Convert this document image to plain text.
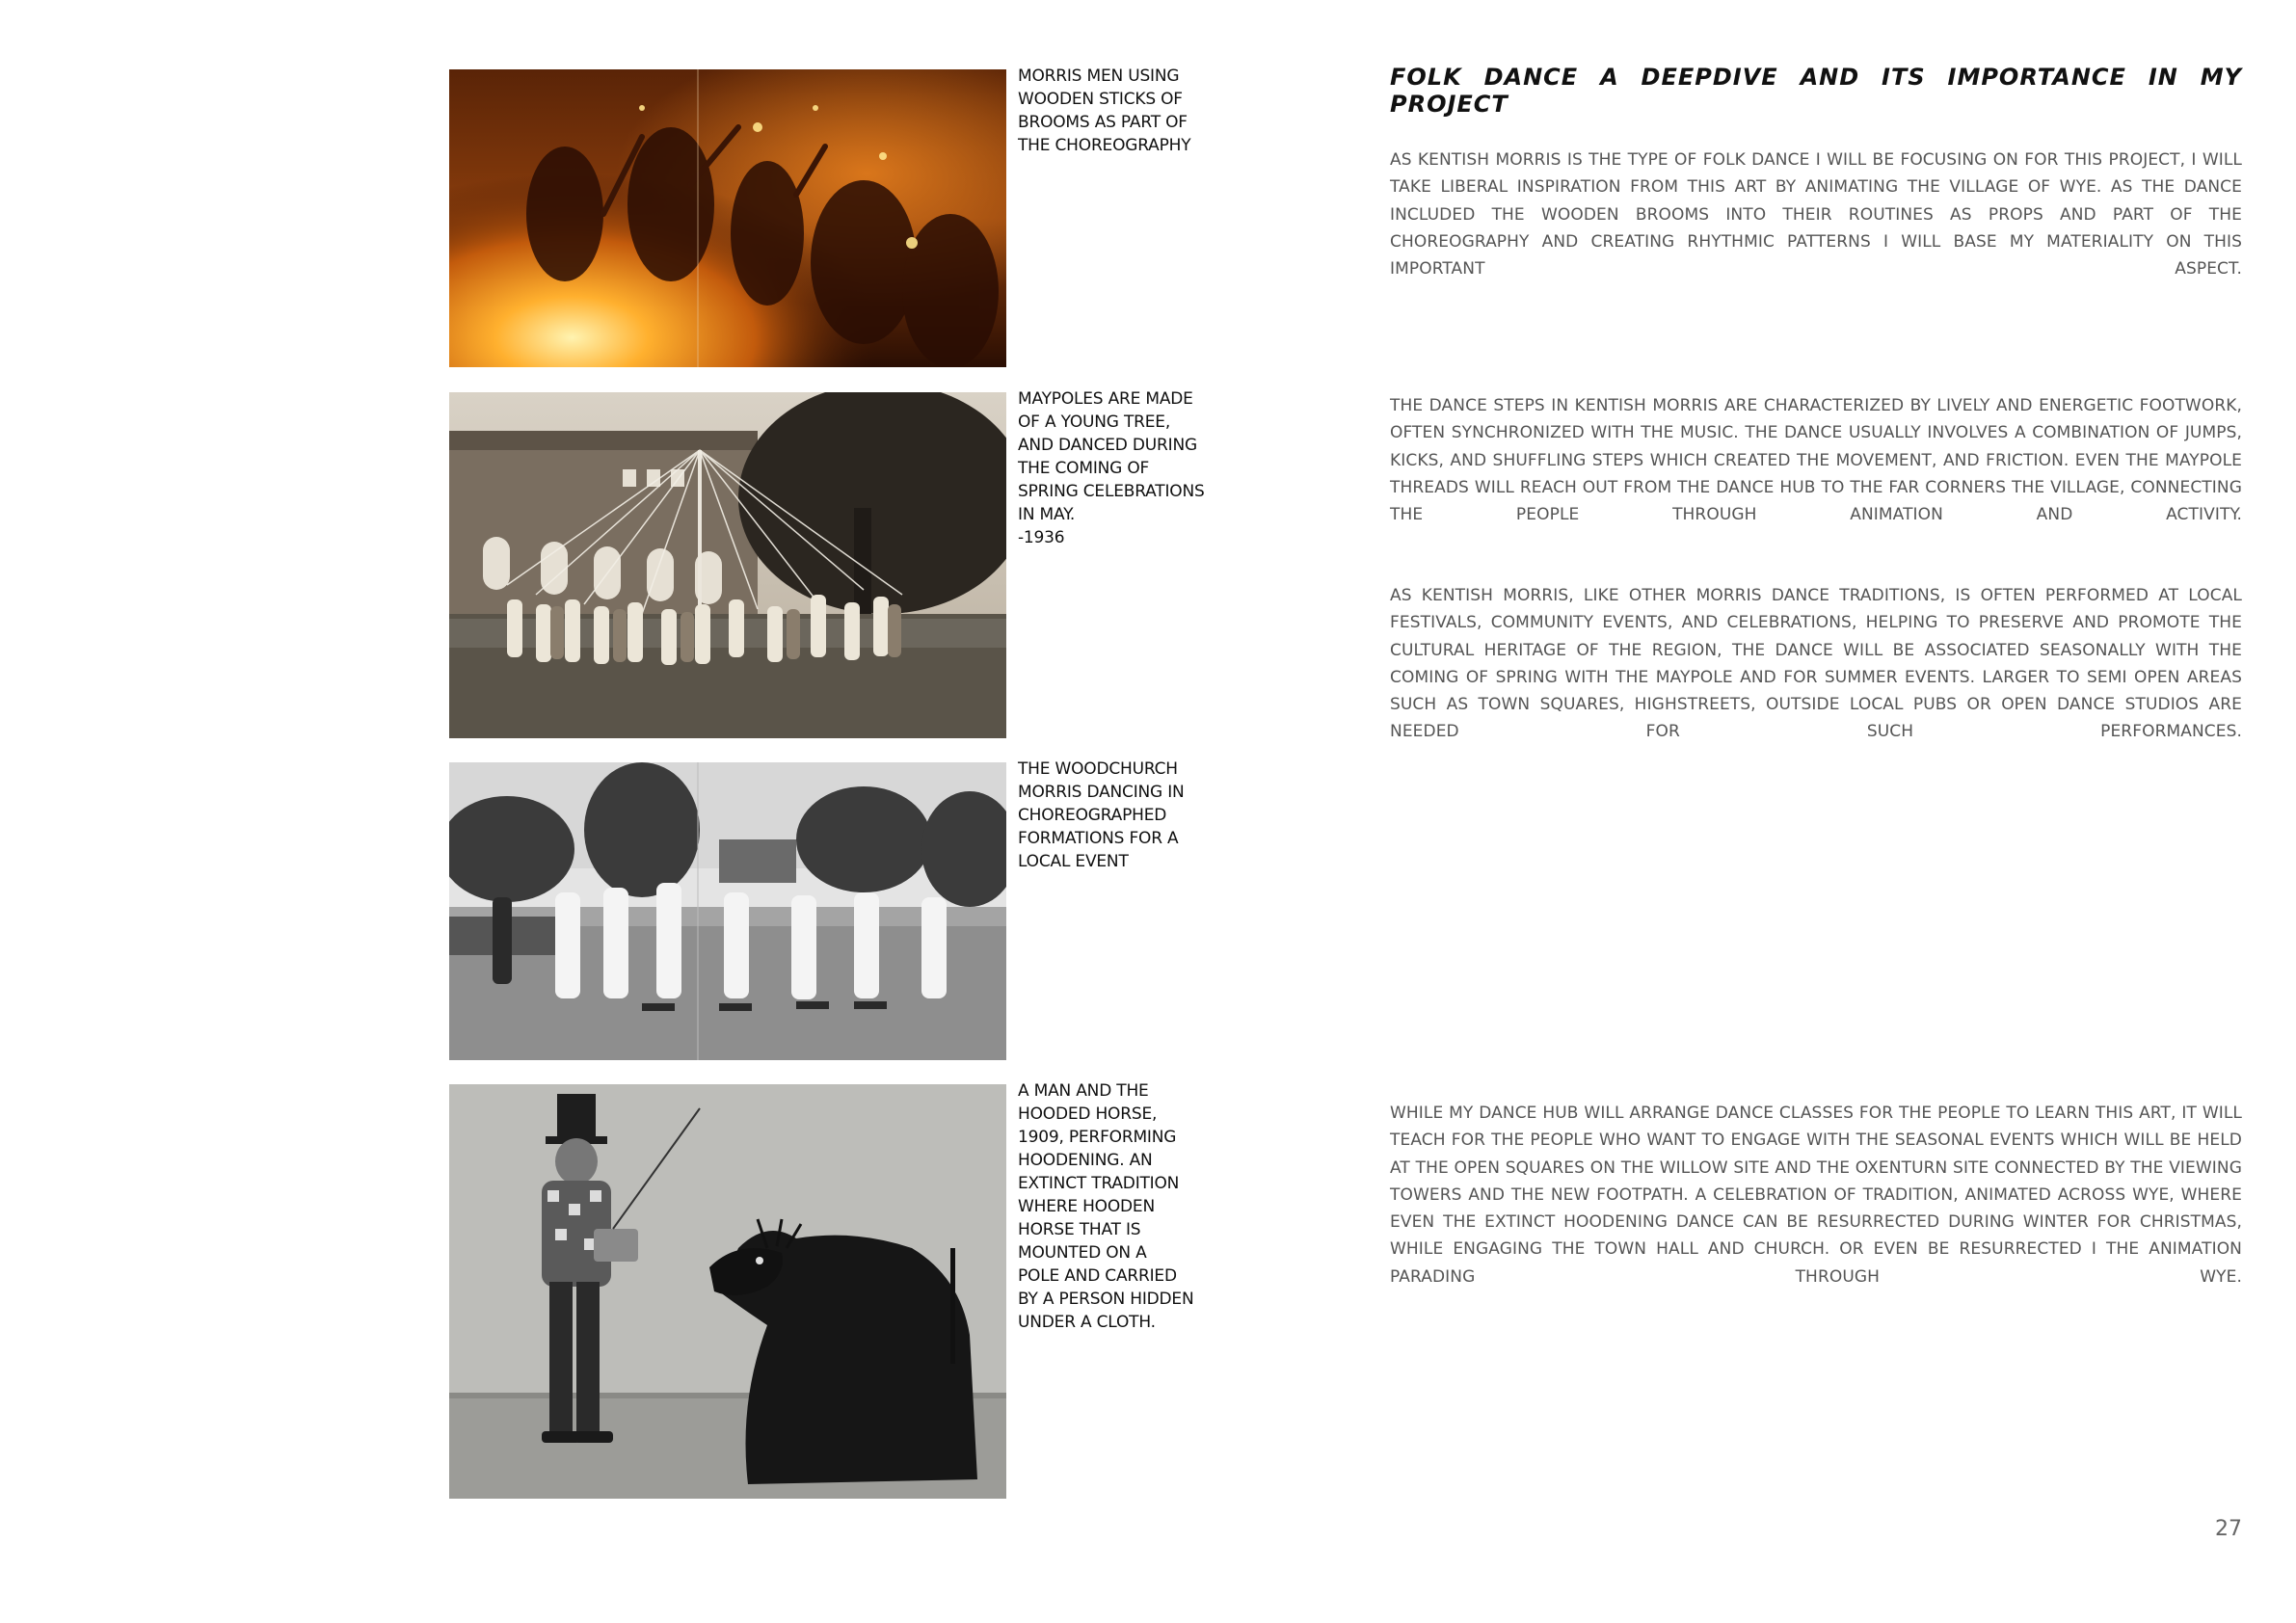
MORRIS MEN USING
WOODEN STICKS OF
BROOMS AS PART OF
THE CHOREOGRAPHY
MAYPOLES ARE MADE
OF A YOUNG TREE,
AND DANCED DURING
THE COMING OF
SPRING CELEBRATIONS
IN MAY.
-1936
THE WOODCHURCH
MORRIS DANCING IN
CHOREOGRAPHED
FORMATIONS FOR A
LOCAL EVENT
A MAN AND THE
HOODED HORSE,
1909, PERFORMING
HOODENING. AN
EXTINCT TRADITION
WHERE HOODEN
HORSE THAT IS
MOUNTED ON A
POLE AND CARRIED
BY A PERSON HIDDEN
UNDER A CLOTH.
FOLK DANCE A DEEPDIVE AND ITS IMPORTANCE IN MY PROJECT
AS KENTISH MORRIS IS THE TYPE OF FOLK DANCE I WILL BE FOCUSING ON FOR THIS PROJECT, I WILL TAKE LIBERAL INSPIRATION FROM THIS ART BY ANIMATING THE VILLAGE OF WYE. AS THE DANCE INCLUDED THE WOODEN BROOMS INTO THEIR ROUTINES AS PROPS AND PART OF THE CHOREOGRAPHY AND CREATING RHYTHMIC PATTERNS I WILL BASE MY MATERIALITY ON THIS IMPORTANT ASPECT.
THE DANCE STEPS IN KENTISH MORRIS ARE CHARACTERIZED BY LIVELY AND ENERGETIC FOOTWORK, OFTEN SYNCHRONIZED WITH THE MUSIC. THE DANCE USUALLY INVOLVES A COMBINATION OF JUMPS, KICKS, AND SHUFFLING STEPS WHICH CREATED THE MOVEMENT, AND FRICTION. EVEN THE MAYPOLE THREADS WILL REACH OUT FROM THE DANCE HUB TO THE FAR CORNERS THE VILLAGE, CONNECTING THE PEOPLE THROUGH ANIMATION AND ACTIVITY.
AS KENTISH MORRIS, LIKE OTHER MORRIS DANCE TRADITIONS, IS OFTEN PERFORMED AT LOCAL FESTIVALS, COMMUNITY EVENTS, AND CELEBRATIONS, HELPING TO PRESERVE AND PROMOTE THE CULTURAL HERITAGE OF THE REGION, THE DANCE WILL BE ASSOCIATED SEASONALLY WITH THE COMING OF SPRING WITH THE MAYPOLE AND FOR SUMMER EVENTS. LARGER TO SEMI OPEN AREAS SUCH AS TOWN SQUARES, HIGHSTREETS, OUTSIDE LOCAL PUBS OR OPEN DANCE STUDIOS ARE NEEDED FOR SUCH PERFORMANCES.
WHILE MY DANCE HUB WILL ARRANGE DANCE CLASSES FOR THE PEOPLE TO LEARN THIS ART, IT WILL TEACH FOR THE PEOPLE WHO WANT TO ENGAGE WITH THE SEASONAL EVENTS WHICH WILL BE HELD AT THE OPEN SQUARES ON THE WILLOW SITE AND THE OXENTURN SITE CONNECTED BY THE VIEWING TOWERS AND THE NEW FOOTPATH. A CELEBRATION OF TRADITION, ANIMATED ACROSS WYE, WHERE EVEN THE EXTINCT HOODENING DANCE CAN BE RESURRECTED DURING WINTER FOR CHRISTMAS, WHILE ENGAGING THE TOWN HALL AND CHURCH. OR EVEN BE RESURRECTED I THE ANIMATION PARADING THROUGH WYE.
27
